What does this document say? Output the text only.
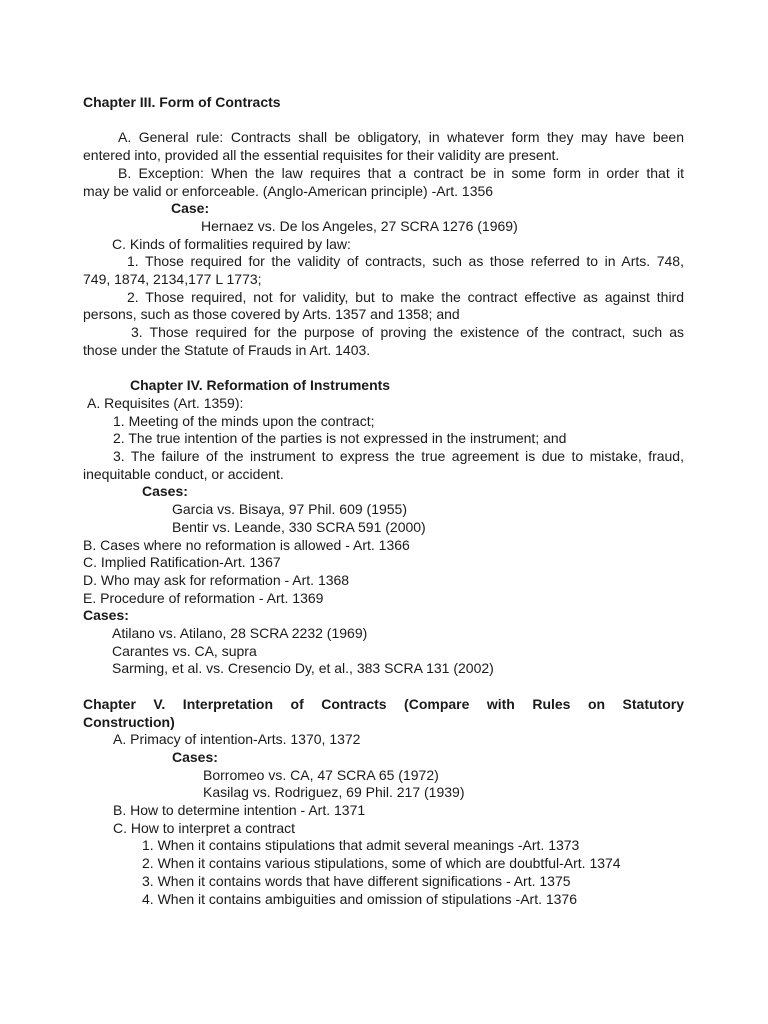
Chapter III. Form of Contracts
A. General rule: Contracts shall be obligatory, in whatever form they may have been
entered into, provided all the essential requisites for their validity are present.
B. Exception: When the law requires that a contract be in some form in order that it
may be valid or enforceable. (Anglo-American principle) -Art. 1356
Case:
Hernaez vs. De los Angeles, 27 SCRA 1276 (1969)
C. Kinds of formalities required by law:
1. Those required for the validity of contracts, such as those referred to in Arts. 748,
749, 1874, 2134,177 L 1773;
2. Those required, not for validity, but to make the contract effective as against third
persons, such as those covered by Arts. 1357 and 1358; and
3. Those required for the purpose of proving the existence of the contract, such as
those under the Statute of Frauds in Art. 1403.
Chapter IV. Reformation of Instruments
A. Requisites (Art. 1359):
1. Meeting of the minds upon the contract;
2. The true intention of the parties is not expressed in the instrument; and
3. The failure of the instrument to express the true agreement is due to mistake, fraud,
inequitable conduct, or accident.
Cases:
Garcia vs. Bisaya, 97 Phil. 609 (1955)
Bentir vs. Leande, 330 SCRA 591 (2000)
B. Cases where no reformation is allowed - Art. 1366
C. Implied Ratification-Art. 1367
D. Who may ask for reformation - Art. 1368
E. Procedure of reformation - Art. 1369
Cases:
Atilano vs. Atilano, 28 SCRA 2232 (1969)
Carantes vs. CA, supra
Sarming, et al. vs. Cresencio Dy, et al., 383 SCRA 131 (2002)
Chapter V. Interpretation of Contracts (Compare with Rules on Statutory
Construction)
A. Primacy of intention-Arts. 1370, 1372
Cases:
Borromeo vs. CA, 47 SCRA 65 (1972)
Kasilag vs. Rodriguez, 69 Phil. 217 (1939)
B. How to determine intention - Art. 1371
C. How to interpret a contract
1. When it contains stipulations that admit several meanings -Art. 1373
2. When it contains various stipulations, some of which are doubtful-Art. 1374
3. When it contains words that have different significations - Art. 1375
4. When it contains ambiguities and omission of stipulations -Art. 1376
